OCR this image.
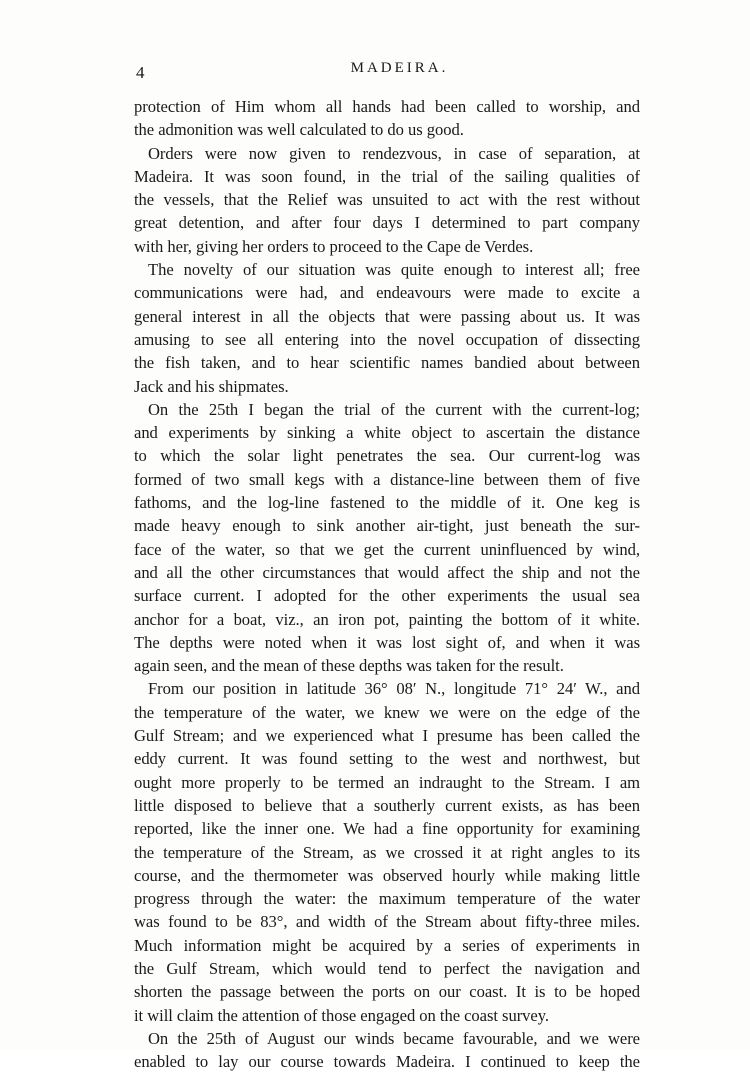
4	MADEIRA.
protection of Him whom all hands had been called to worship, and
the admonition was well calculated to do us good.
Orders were now given to rendezvous, in case of separation, at
Madeira. It was soon found, in the trial of the sailing qualities of
the vessels, that the Relief was unsuited to act with the rest without
great detention, and after four days I determined to part company
with her, giving her orders to proceed to the Cape de Verdes.
The novelty of our situation was quite enough to interest all; free
communications were had, and endeavours were made to excite a
general interest in all the objects that were passing about us. It was
amusing to see all entering into the novel occupation of dissecting
the fish taken, and to hear scientific names bandied about between
Jack and his shipmates.
On the 25th I began the trial of the current with the current-log;
and experiments by sinking a white object to ascertain the distance
to which the solar light penetrates the sea. Our current-log was
formed of two small kegs with a distance-line between them of five
fathoms, and the log-line fastened to the middle of it. One keg is
made heavy enough to sink another air-tight, just beneath the sur-
face of the water, so that we get the current uninfluenced by wind,
and all the other circumstances that would affect the ship and not the
surface current. I adopted for the other experiments the usual sea
anchor for a boat, viz., an iron pot, painting the bottom of it white.
The depths were noted when it was lost sight of, and when it was
again seen, and the mean of these depths was taken for the result.
From our position in latitude 36° 08′ N., longitude 71° 24′ W., and
the temperature of the water, we knew we were on the edge of the
Gulf Stream; and we experienced what I presume has been called the
eddy current. It was found setting to the west and northwest, but
ought more properly to be termed an indraught to the Stream. I am
little disposed to believe that a southerly current exists, as has been
reported, like the inner one. We had a fine opportunity for examining
the temperature of the Stream, as we crossed it at right angles to its
course, and the thermometer was observed hourly while making little
progress through the water: the maximum temperature of the water
was found to be 83°, and width of the Stream about fifty-three miles.
Much information might be acquired by a series of experiments in
the Gulf Stream, which would tend to perfect the navigation and
shorten the passage between the ports on our coast. It is to be hoped
it will claim the attention of those engaged on the coast survey.
On the 25th of August our winds became favourable, and we were
enabled to lay our course towards Madeira. I continued to keep the
